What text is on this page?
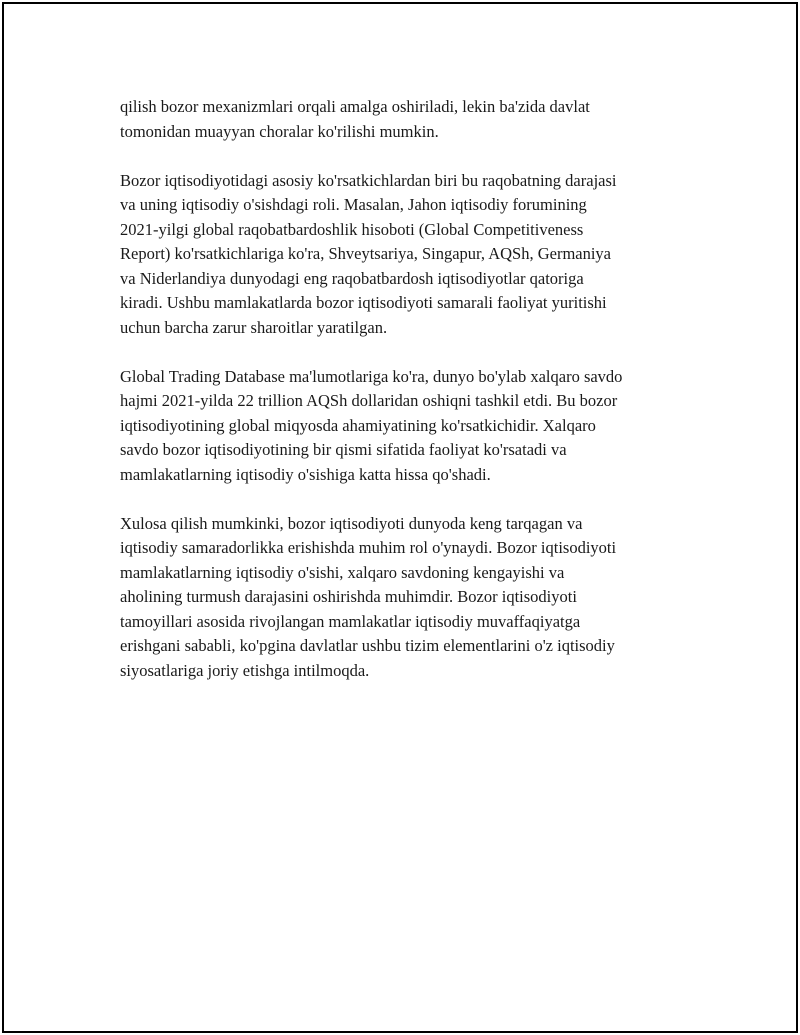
qilish bozor mexanizmlari orqali amalga oshiriladi, lekin ba'zida davlat
tomonidan muayyan choralar ko'rilishi mumkin.

Bozor iqtisodiyotidagi asosiy ko'rsatkichlardan biri bu raqobatning darajasi
va uning iqtisodiy o'sishdagi roli. Masalan, Jahon iqtisodiy forumining
2021-yilgi global raqobatbardoshlik hisoboti (Global Competitiveness
Report) ko'rsatkichlariga ko'ra, Shveytsariya, Singapur, AQSh, Germaniya
va Niderlandiya dunyodagi eng raqobatbardosh iqtisodiyotlar qatoriga
kiradi. Ushbu mamlakatlarda bozor iqtisodiyoti samarali faoliyat yuritishi
uchun barcha zarur sharoitlar yaratilgan.

Global Trading Database ma'lumotlariga ko'ra, dunyo bo'ylab xalqaro savdo
hajmi 2021-yilda 22 trillion AQSh dollaridan oshiqni tashkil etdi. Bu bozor
iqtisodiyotining global miqyosda ahamiyatining ko'rsatkichidir. Xalqaro
savdo bozor iqtisodiyotining bir qismi sifatida faoliyat ko'rsatadi va
mamlakatlarning iqtisodiy o'sishiga katta hissa qo'shadi.

Xulosa qilish mumkinki, bozor iqtisodiyoti dunyoda keng tarqagan va
iqtisodiy samaradorlikka erishishda muhim rol o'ynaydi. Bozor iqtisodiyoti
mamlakatlarning iqtisodiy o'sishi, xalqaro savdoning kengayishi va
aholining turmush darajasini oshirishda muhimdir. Bozor iqtisodiyoti
tamoyillari asosida rivojlangan mamlakatlar iqtisodiy muvaffaqiyatga
erishgani sababli, ko'pgina davlatlar ushbu tizim elementlarini o'z iqtisodiy
siyosatlariga joriy etishga intilmoqda.
